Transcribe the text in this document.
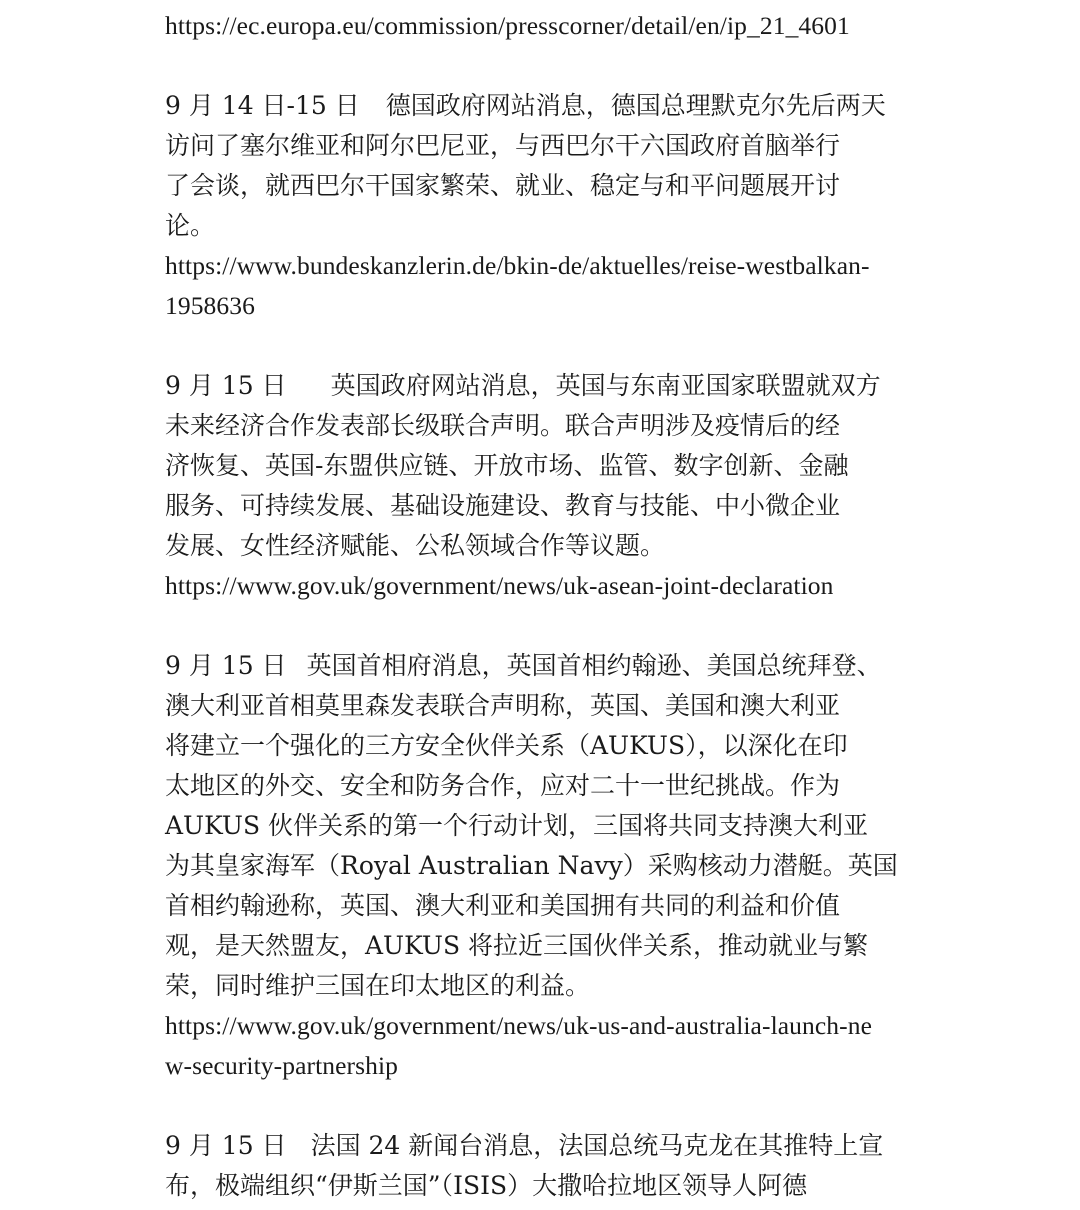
https://ec.europa.eu/commission/presscorner/detail/en/ip_21_4601
9 月 14 日-15 日 德国政府网站消息，德国总理默克尔先后两天
访问了塞尔维亚和阿尔巴尼亚，与西巴尔干六国政府首脑举行
了会谈，就西巴尔干国家繁荣、就业、稳定与和平问题展开讨
论。
https://www.bundeskanzlerin.de/bkin-de/aktuelles/reise-westbalkan-
1958636
9 月 15 日 英国政府网站消息，英国与东南亚国家联盟就双方
未来经济合作发表部长级联合声明。联合声明涉及疫情后的经
济恢复、英国-东盟供应链、开放市场、监管、数字创新、金融
服务、可持续发展、基础设施建设、教育与技能、中小微企业
发展、女性经济赋能、公私领域合作等议题。
https://www.gov.uk/government/news/uk-asean-joint-declaration
9 月 15 日 英国首相府消息，英国首相约翰逊、美国总统拜登、
澳大利亚首相莫里森发表联合声明称，英国、美国和澳大利亚
将建立一个强化的三方安全伙伴关系（AUKUS），以深化在印
太地区的外交、安全和防务合作，应对二十一世纪挑战。作为
AUKUS 伙伴关系的第一个行动计划，三国将共同支持澳大利亚
为其皇家海军（Royal Australian Navy）采购核动力潜艇。英国
首相约翰逊称，英国、澳大利亚和美国拥有共同的利益和价值
观，是天然盟友，AUKUS 将拉近三国伙伴关系，推动就业与繁
荣，同时维护三国在印太地区的利益。
https://www.gov.uk/government/news/uk-us-and-australia-launch-ne
w-security-partnership
9 月 15 日 法国 24 新闻台消息，法国总统马克龙在其推特上宣
布，极端组织“伊斯兰国”（ISIS）大撒哈拉地区领导人阿德
